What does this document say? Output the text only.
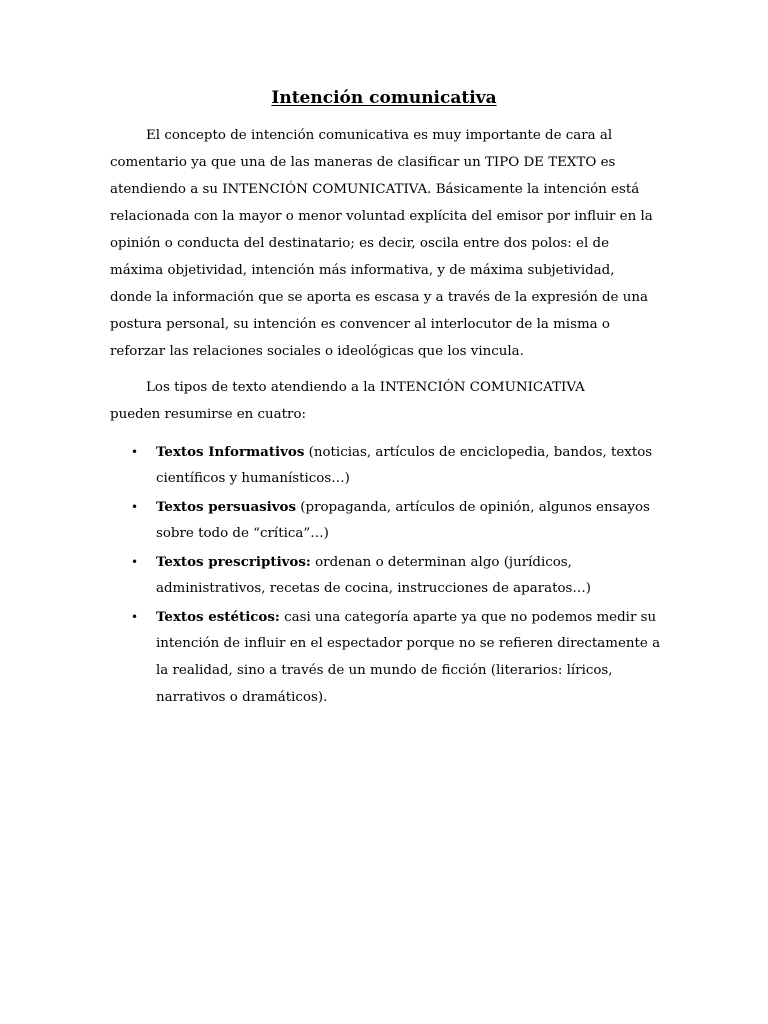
Intención comunicativa
El concepto de intención comunicativa es muy importante de cara al
comentario ya que una de las maneras de clasificar un TIPO DE TEXTO es
atendiendo a su INTENCIÓN COMUNICATIVA. Básicamente la intención está
relacionada con la mayor o menor voluntad explícita del emisor por influir en la
opinión o conducta del destinatario; es decir, oscila entre dos polos: el de
máxima objetividad, intención más informativa, y de máxima subjetividad,
donde la información que se aporta es escasa y a través de la expresión de una
postura personal, su intención es convencer al interlocutor de la misma o
reforzar las relaciones sociales o ideológicas que los vincula.
Los tipos de texto atendiendo a la INTENCIÓN COMUNICATIVA
pueden resumirse en cuatro:
• Textos Informativos (noticias, artículos de enciclopedia, bandos, textos
científicos y humanísticos…)
• Textos persuasivos (propaganda, artículos de opinión, algunos ensayos
sobre todo de “crítica”…)
• Textos prescriptivos: ordenan o determinan algo (jurídicos,
administrativos, recetas de cocina, instrucciones de aparatos…)
• Textos estéticos: casi una categoría aparte ya que no podemos medir su
intención de influir en el espectador porque no se refieren directamente a
la realidad, sino a través de un mundo de ficción (literarios: líricos,
narrativos o dramáticos).
